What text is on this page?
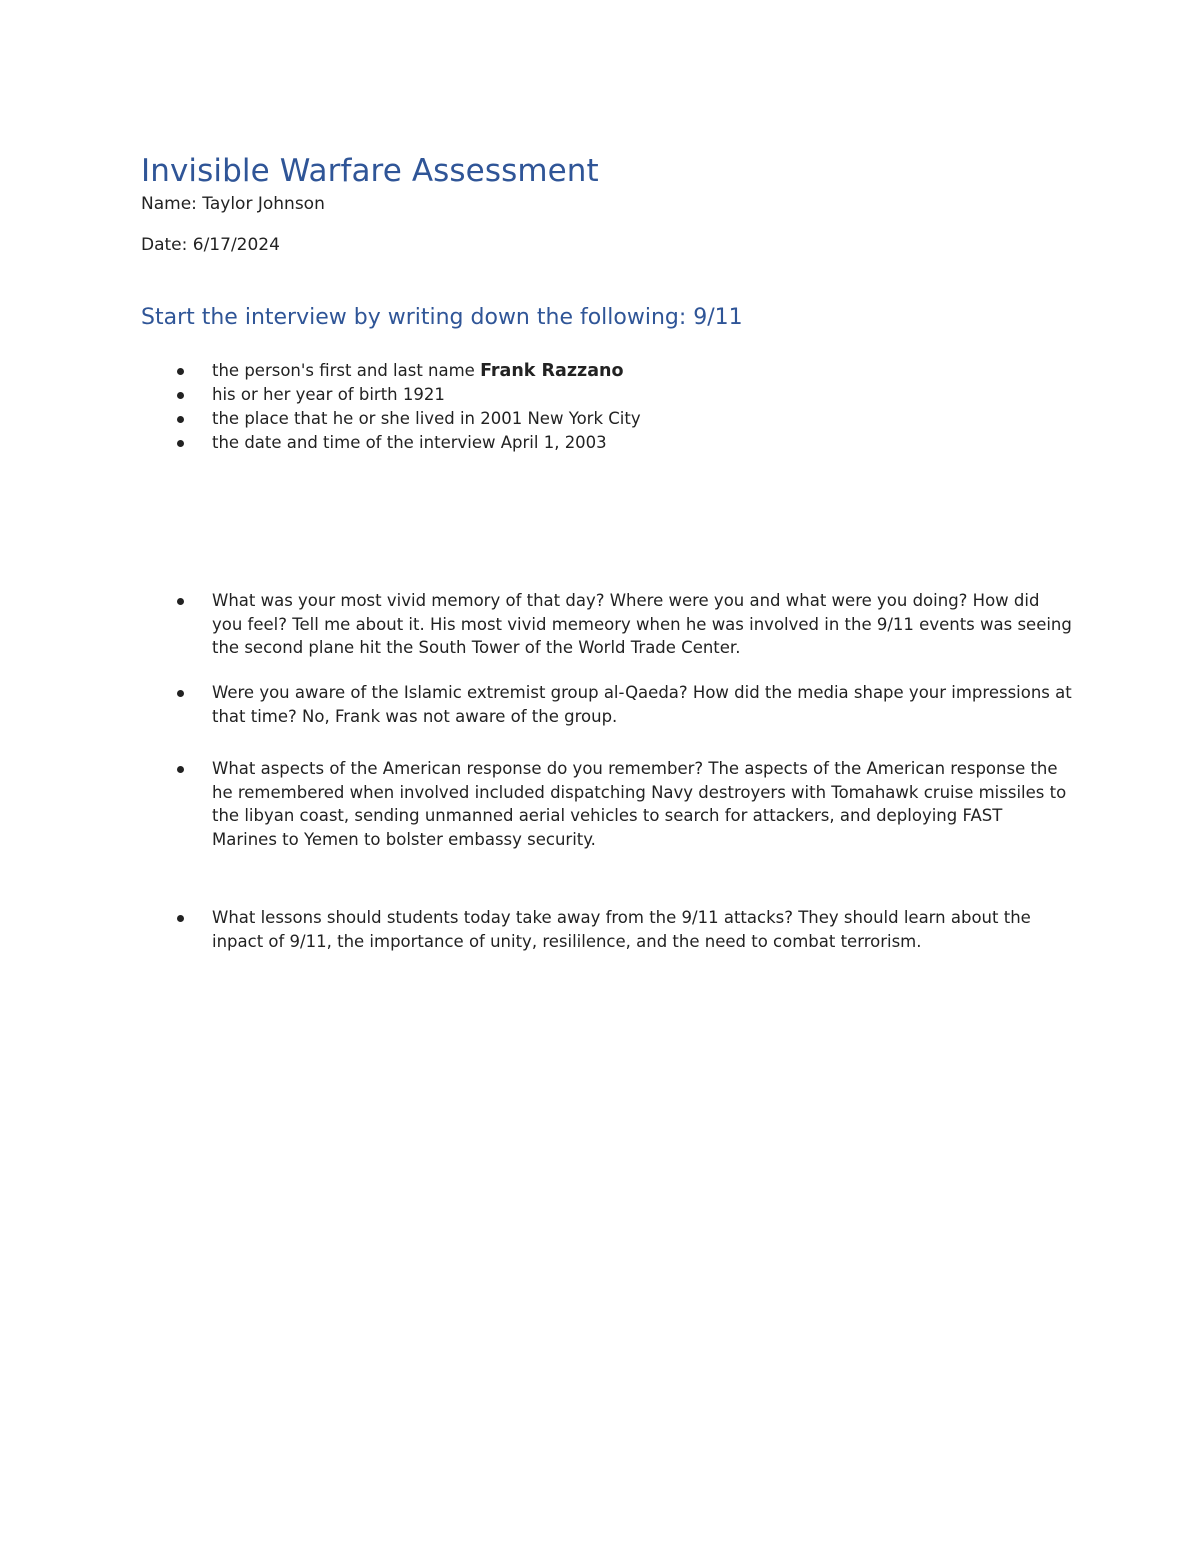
Invisible Warfare Assessment
Name: Taylor Johnson
Date: 6/17/2024
Start the interview by writing down the following: 9/11
the person's first and last name Frank Razzano
his or her year of birth 1921
the place that he or she lived in 2001 New York City
the date and time of the interview April 1, 2003
What was your most vivid memory of that day? Where were you and what were you doing? How did you feel? Tell me about it. His most vivid memeory when he was involved in the 9/11 events was seeing the second plane hit the South Tower of the World Trade Center.
Were you aware of the Islamic extremist group al-Qaeda? How did the media shape your impressions at that time? No, Frank was not aware of the group.
What aspects of the American response do you remember? The aspects of the American response the he remembered when involved included dispatching Navy destroyers with Tomahawk cruise missiles to the libyan coast, sending unmanned aerial vehicles to search for attackers, and deploying FAST Marines to Yemen to bolster embassy security.
What lessons should students today take away from the 9/11 attacks? They should learn about the inpact of 9/11, the importance of unity, resililence, and the need to combat terrorism.
